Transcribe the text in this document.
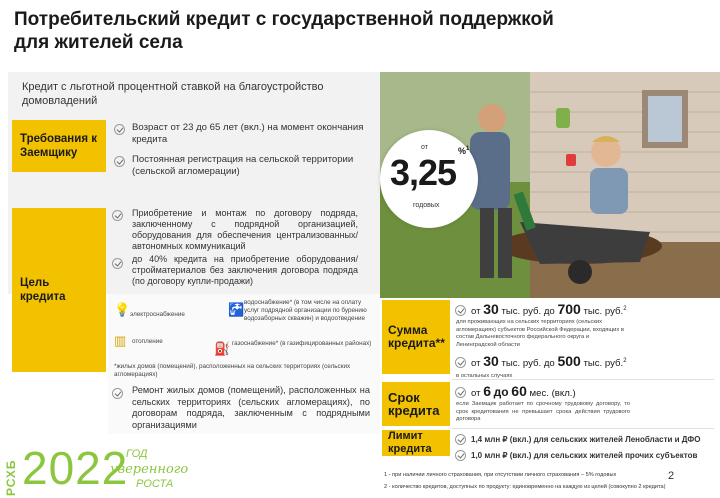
Потребительский кредит с государственной поддержкой для жителей села
Кредит с льготной процентной ставкой на благоустройство домовладений
Требования к Заемщику
Возраст от 23 до 65 лет (вкл.) на момент окончания кредита
Постоянная регистрация на сельской территории (сельской агломерации)
Цель кредита
Приобретение и монтаж по договору подряда, заключенному с подрядной организацией, оборудования для обеспечения централизованных/автономных коммуникаций
до 40% кредита на приобретение оборудования/ стройматериалов без заключения договора подряда (по договору купли-продажи)
💡 электроснабжение	🚰 водоснабжение* (в том числе на оплату услуг подрядной организации по бурению водозаборных скважин) и водоотведение
▥ отопление	⛽ газоснабжение* (в газифицированных районах)
*жилых домов (помещений), расположенных на сельских территориях (сельских агломерациях)
Ремонт жилых домов (помещений), расположенных на сельских территориях (сельских агломерациях), по договорам подряда, заключенным с подрядными организациями
от
3,25
%$^1$
годовых
Сумма кредита**
от 30 тыс. руб. до 700 тыс. руб.$^2$
для проживающих на сельских территориях (сельских агломерациях) субъектов Российской Федерации, входящих в состав Дальневосточного федерального округа и Ленинградской области
от 30 тыс. руб. до 500 тыс. руб.$^2$
в остальных случаях
Срок кредита
от 6 до 60 мес. (вкл.)
если Заемщик работает по срочному трудовому договору, то срок кредитования не превышает срока действия трудового договора
Лимит кредита
1,4 млн ₽ (вкл.) для сельских жителей Ленобласти и ДФО
1,0 млн ₽ (вкл.) для сельских жителей прочих субъектов
1 - при наличии личного страхования, при отсутствии личного страхования – 5% годовых
2 - количество кредитов, доступных по продукту: единовременно на каждую из целей (совокупно 2 кредита)
2
РСХБ 2022
ГОД
уверенного
РОСТА
